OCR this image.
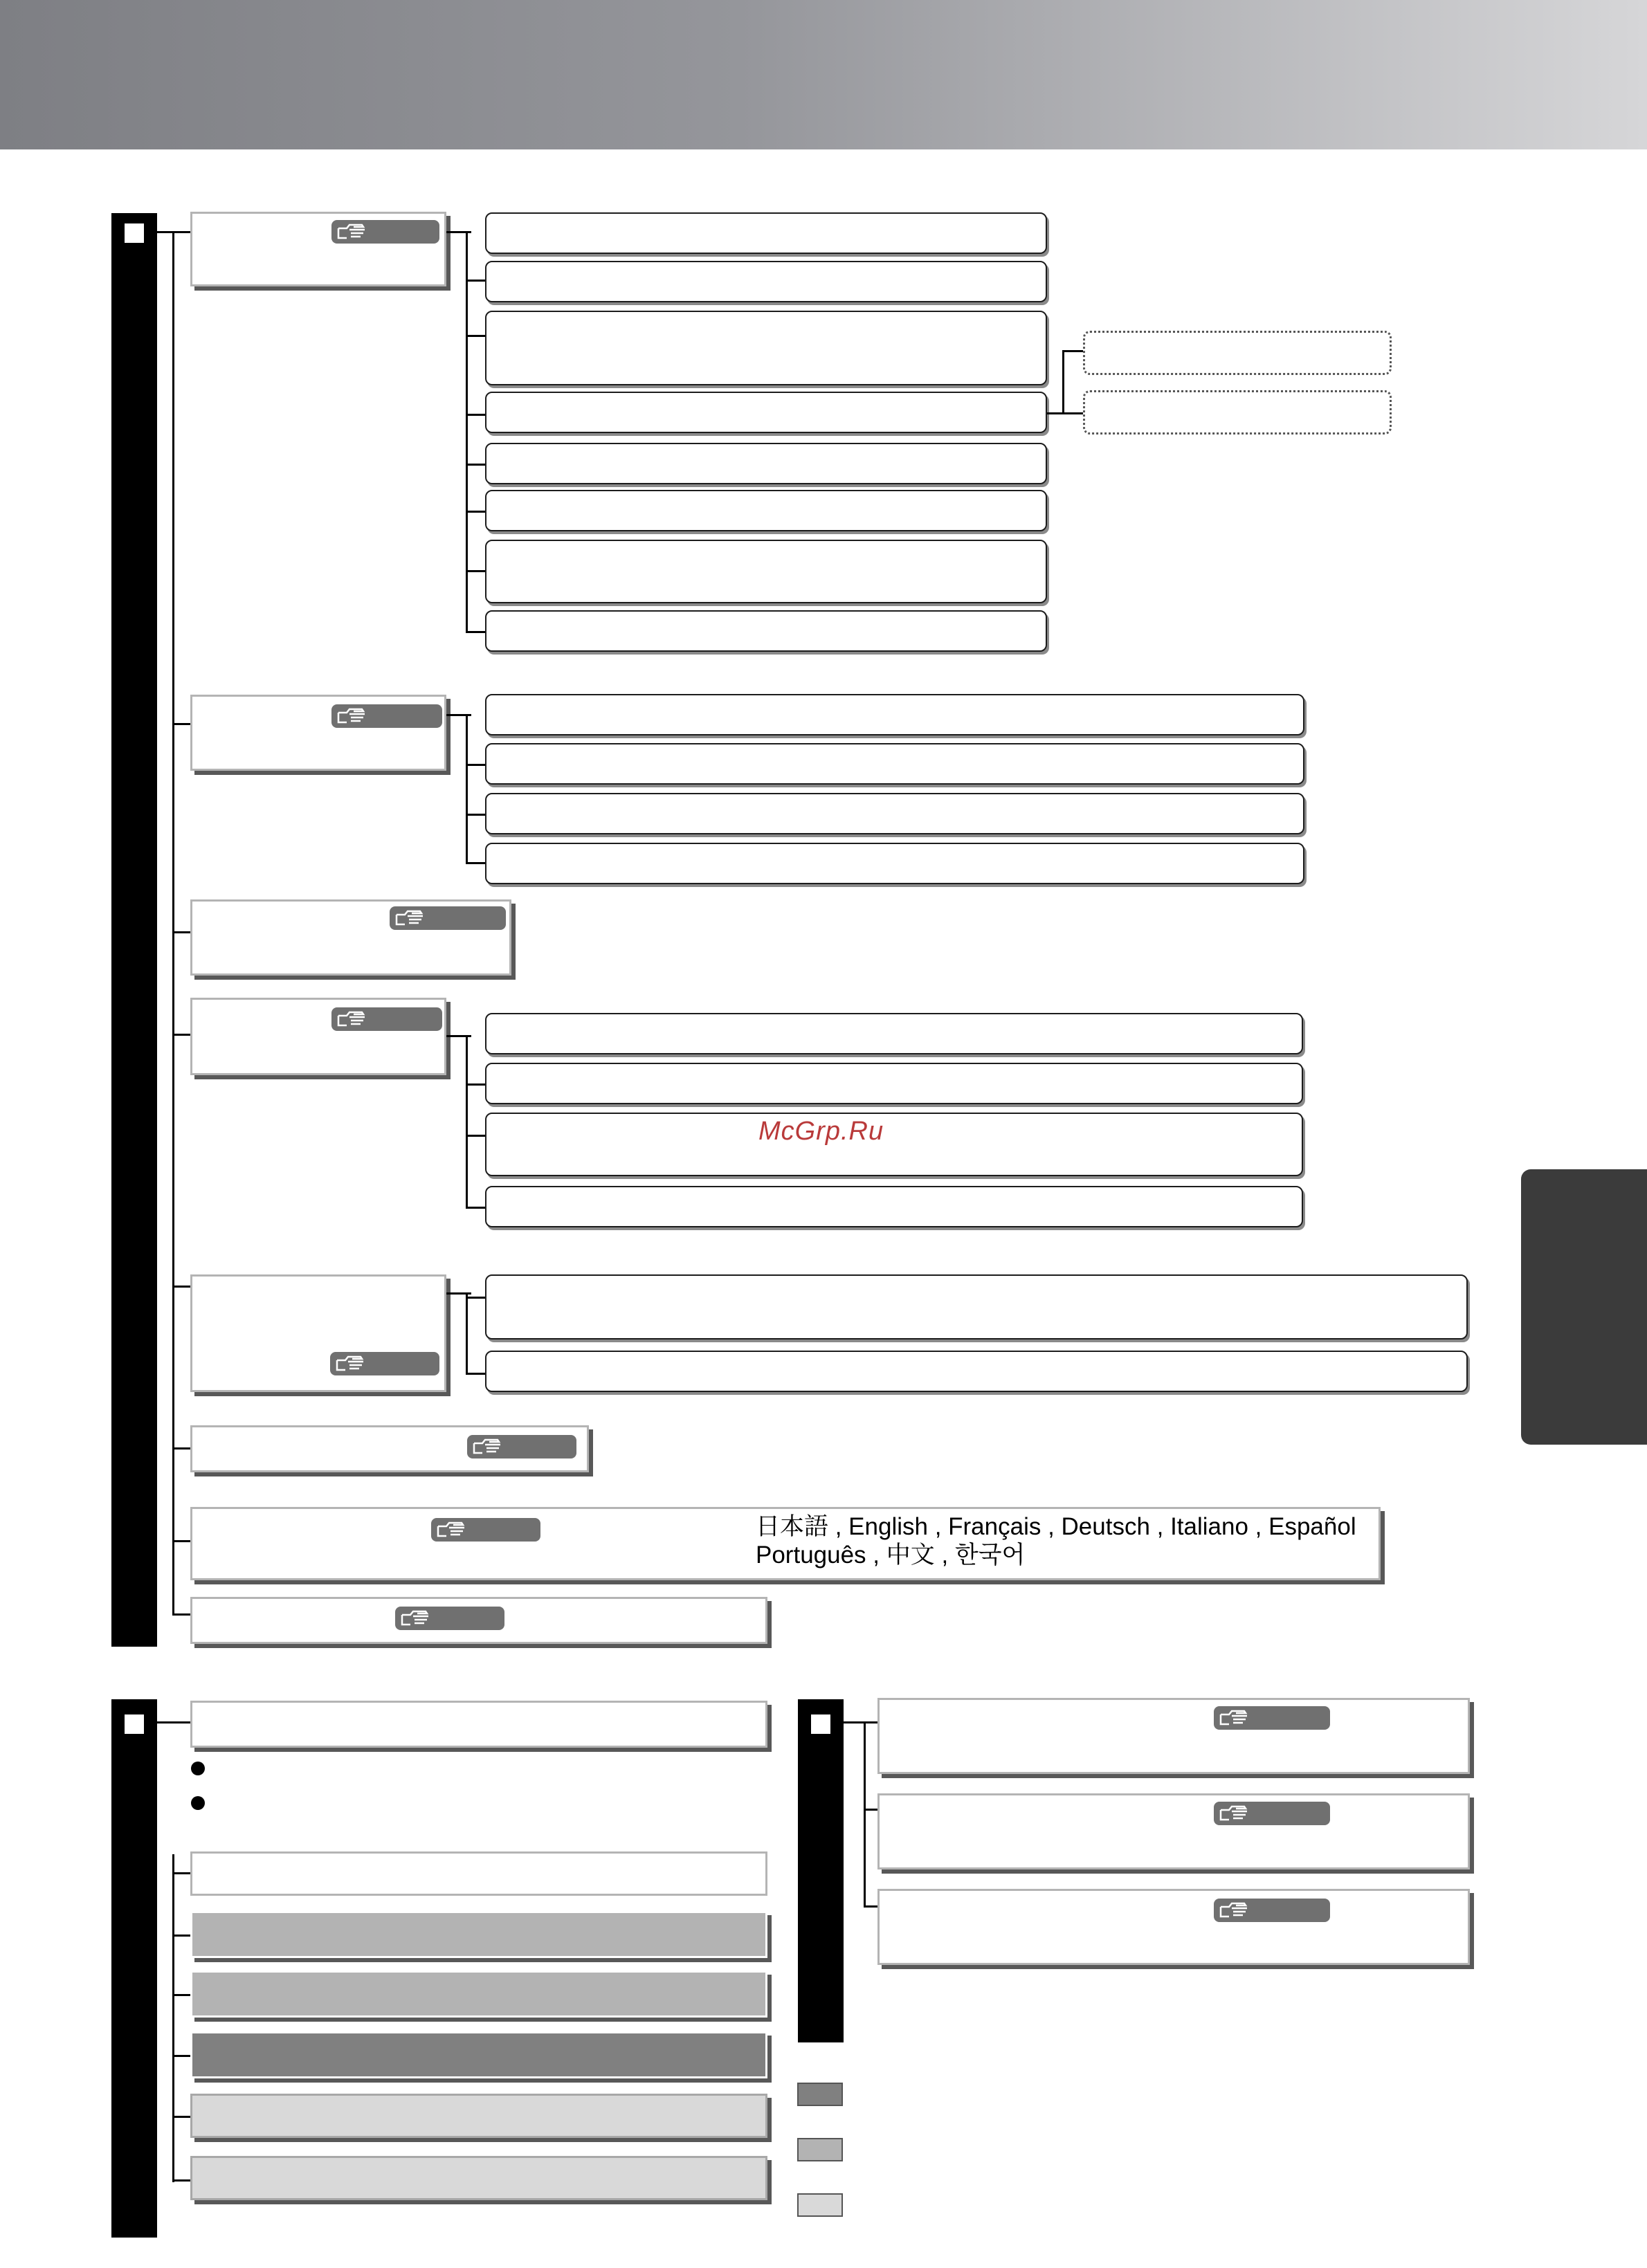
McGrp.Ru
日本語 , English , Français , Deutsch , Italiano , Español
Português , 中文 , 한국어
